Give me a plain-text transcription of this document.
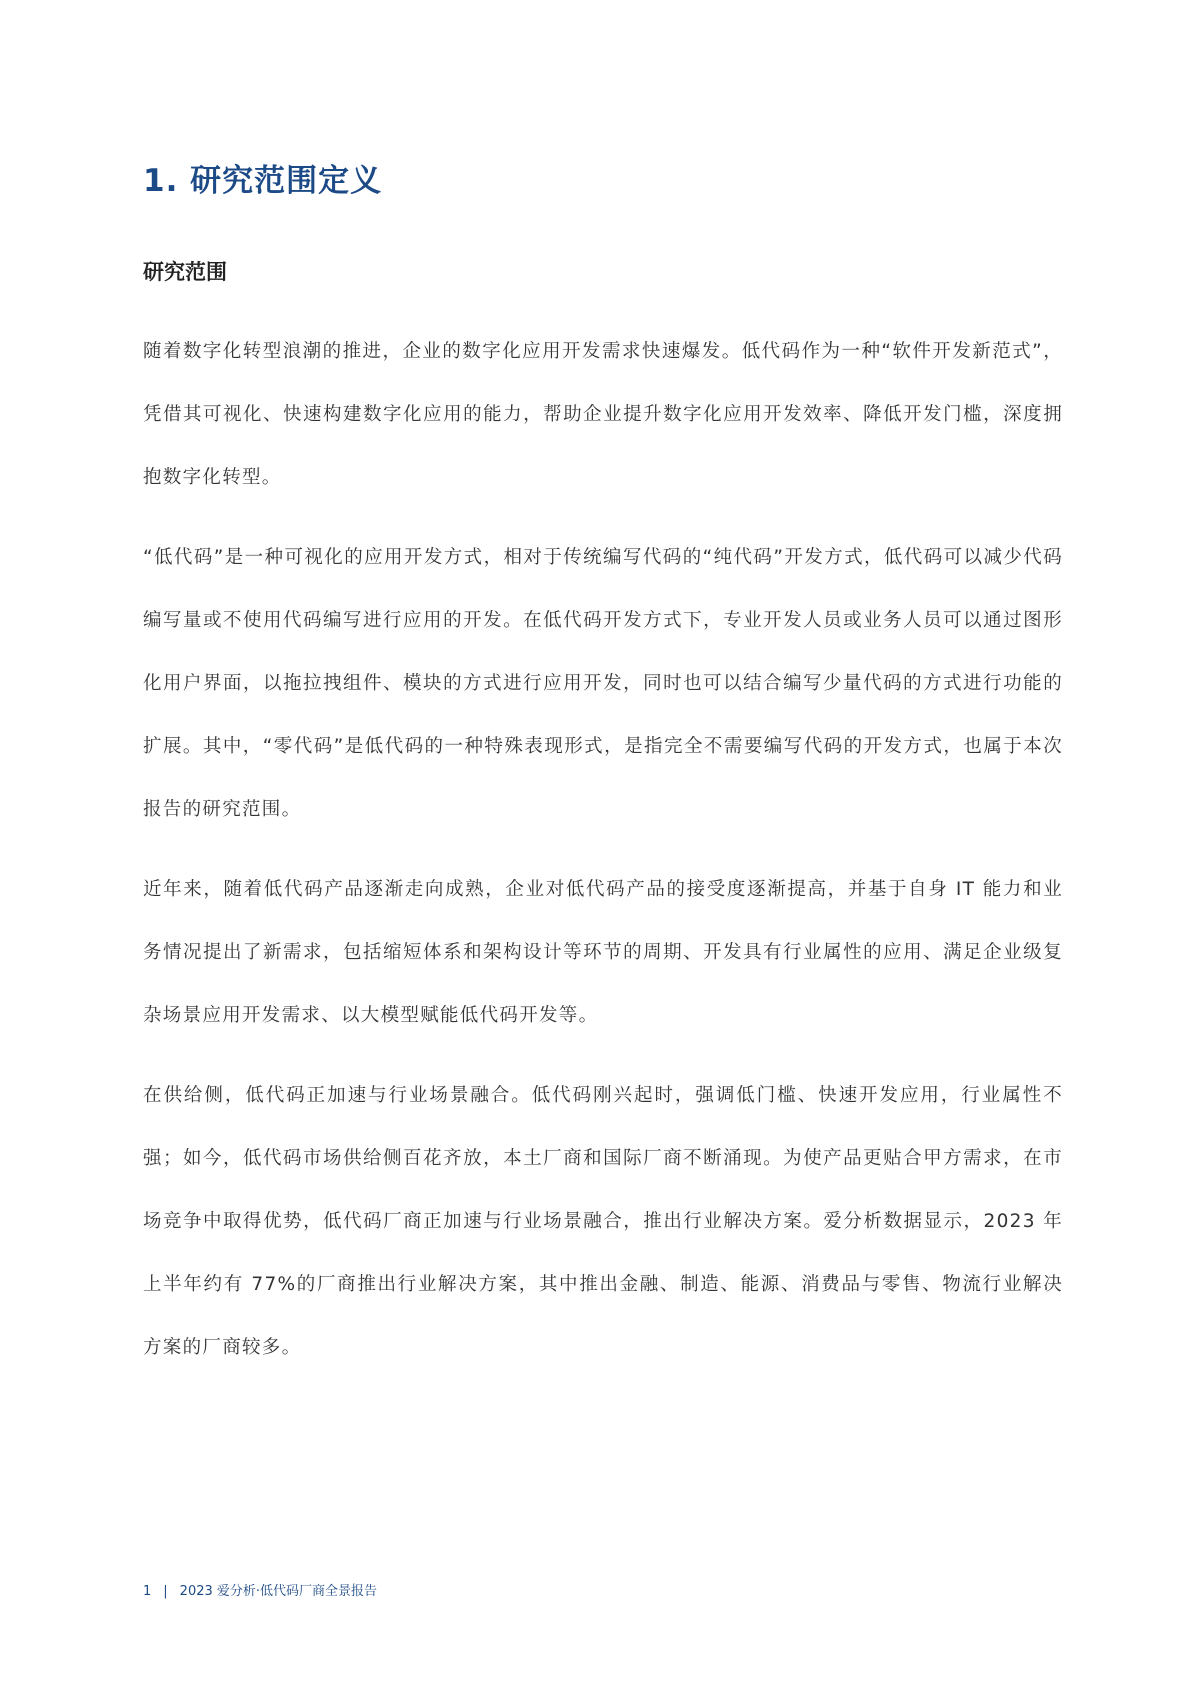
1. 研究范围定义
研究范围

随着数字化转型浪潮的推进，企业的数字化应用开发需求快速爆发。低代码作为一种“软件开发新范式”，凭借其可视化、快速构建数字化应用的能力，帮助企业提升数字化应用开发效率、降低开发门槛，深度拥抱数字化转型。

“低代码”是一种可视化的应用开发方式，相对于传统编写代码的“纯代码”开发方式，低代码可以减少代码编写量或不使用代码编写进行应用的开发。在低代码开发方式下，专业开发人员或业务人员可以通过图形化用户界面，以拖拉拽组件、模块的方式进行应用开发，同时也可以结合编写少量代码的方式进行功能的扩展。其中，“零代码”是低代码的一种特殊表现形式，是指完全不需要编写代码的开发方式，也属于本次报告的研究范围。

近年来，随着低代码产品逐渐走向成熟，企业对低代码产品的接受度逐渐提高，并基于自身 IT 能力和业务情况提出了新需求，包括缩短体系和架构设计等环节的周期、开发具有行业属性的应用、满足企业级复杂场景应用开发需求、以大模型赋能低代码开发等。

在供给侧，低代码正加速与行业场景融合。低代码刚兴起时，强调低门槛、快速开发应用，行业属性不强；如今，低代码市场供给侧百花齐放，本土厂商和国际厂商不断涌现。为使产品更贴合甲方需求，在市场竞争中取得优势，低代码厂商正加速与行业场景融合，推出行业解决方案。爱分析数据显示，2023 年上半年约有 77%的厂商推出行业解决方案，其中推出金融、制造、能源、消费品与零售、物流行业解决方案的厂商较多。

1 | 2023 爱分析·低代码厂商全景报告
